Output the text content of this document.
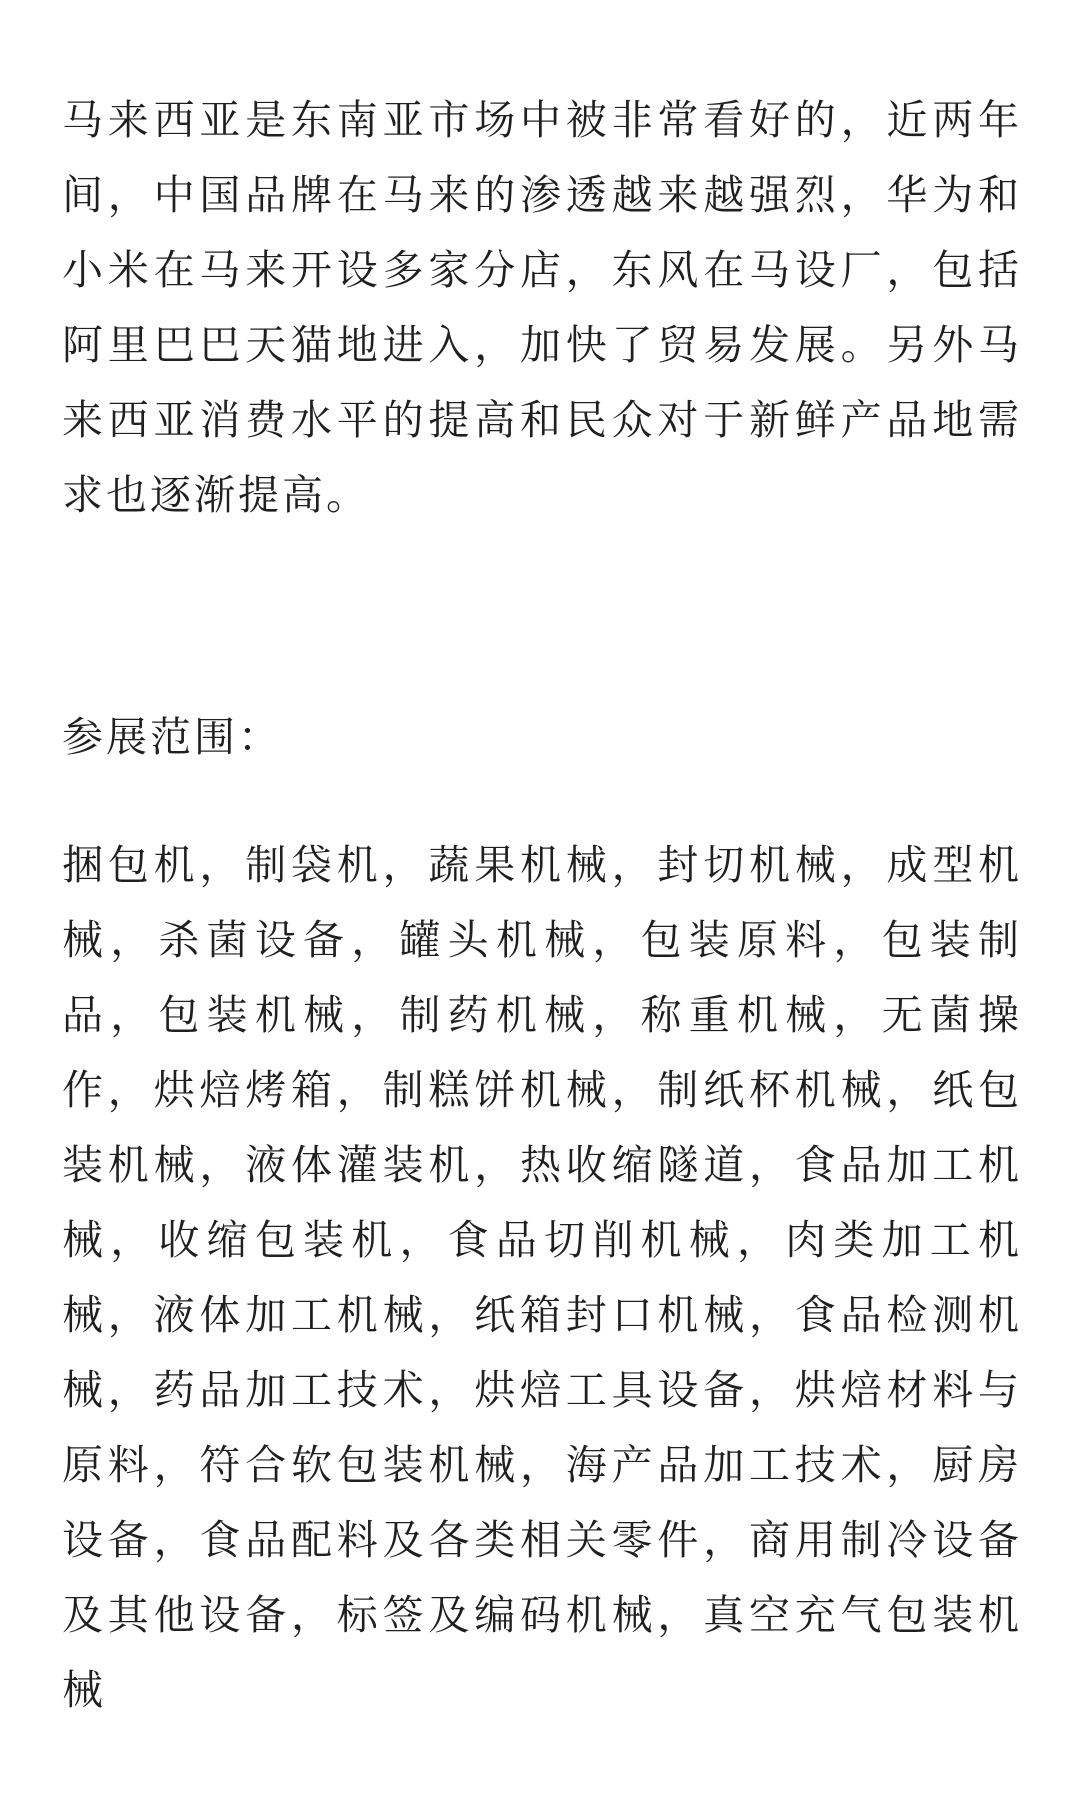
马来西亚是东南亚市场中被非常看好的，近两年间，中国品牌在马来的渗透越来越强烈，华为和小米在马来开设多家分店，东风在马设厂，包括阿里巴巴天猫地进入，加快了贸易发展。另外马来西亚消费水平的提高和民众对于新鲜产品地需求也逐渐提高。

参展范围：

捆包机，制袋机，蔬果机械，封切机械，成型机械，杀菌设备，罐头机械，包装原料，包装制品，包装机械，制药机械，称重机械，无菌操作，烘焙烤箱，制糕饼机械，制纸杯机械，纸包装机械，液体灌装机，热收缩隧道，食品加工机械，收缩包装机，食品切削机械，肉类加工机械，液体加工机械，纸箱封口机械，食品检测机械，药品加工技术，烘焙工具设备，烘焙材料与原料，符合软包装机械，海产品加工技术，厨房设备，食品配料及各类相关零件，商用制冷设备及其他设备，标签及编码机械，真空充气包装机械
